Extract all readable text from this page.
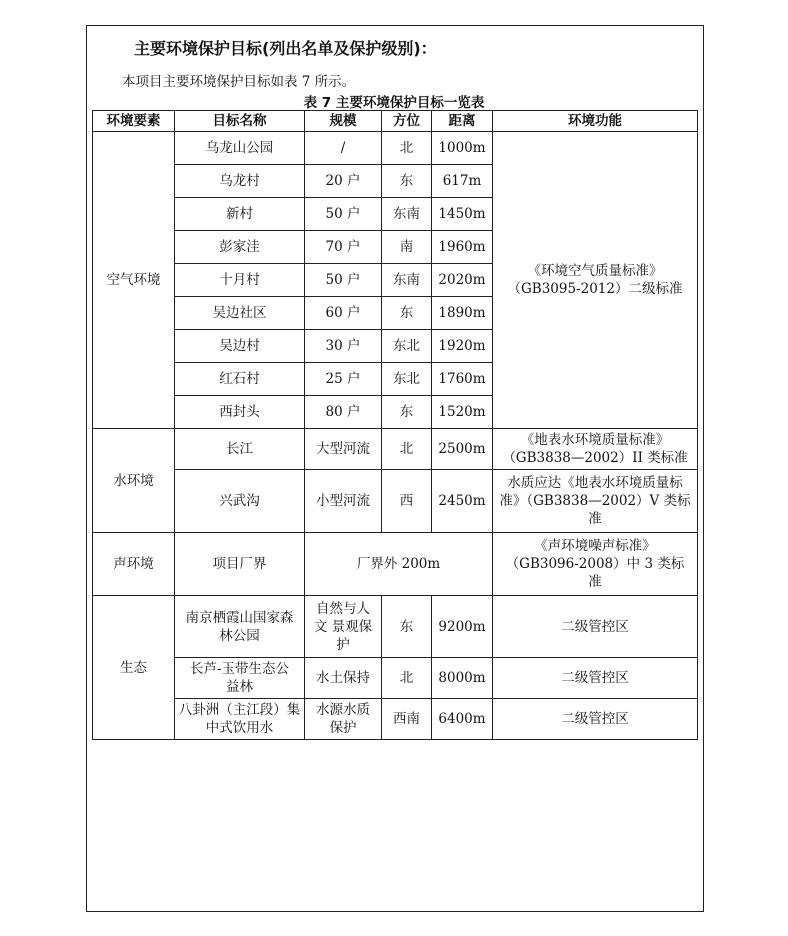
主要环境保护目标(列出名单及保护级别)：
本项目主要环境保护目标如表 7 所示。
表 7 主要环境保护目标一览表
环境要素	目标名称	规模	方位	距离	环境功能
空气环境	乌龙山公园	/	北	1000m	《环境空气质量标准》（GB3095-2012）二级标准
	乌龙村	20 户	东	617m	
	新村	50 户	东南	1450m	
	彭家洼	70 户	南	1960m	
	十月村	50 户	东南	2020m	
	吴边社区	60 户	东	1890m	
	吴边村	30 户	东北	1920m	
	红石村	25 户	东北	1760m	
	西封头	80 户	东	1520m	
水环境	长江	大型河流	北	2500m	《地表水环境质量标准》（GB3838—2002）II 类标准
	兴武沟	小型河流	西	2450m	水质应达《地表水环境质量标准》（GB3838—2002）V 类标准
声环境	项目厂界	厂界外 200m			《声环境噪声标准》（GB3096-2008）中 3 类标准
生态	南京栖霞山国家森林公园	自然与人文 景观保护	东	9200m	二级管控区
	长芦-玉带生态公益林	水土保持	北	8000m	二级管控区
	八卦洲（主江段）集中式饮用水	水源水质保护	西南	6400m	二级管控区
